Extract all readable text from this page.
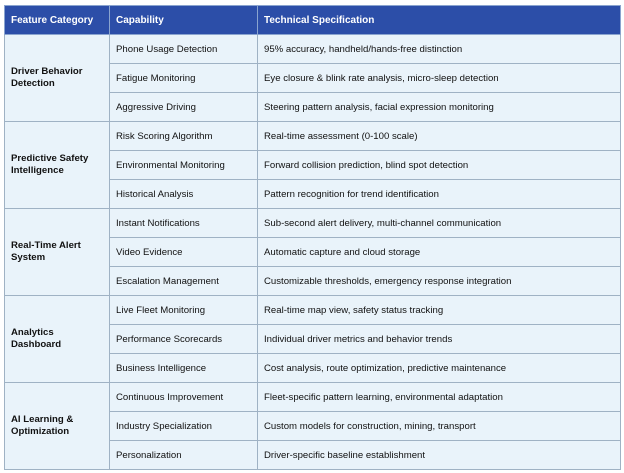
Feature Category	Capability	Technical Specification
Driver Behavior Detection	Phone Usage Detection	95% accuracy, handheld/hands-free distinction
	Fatigue Monitoring	Eye closure & blink rate analysis, micro-sleep detection
	Aggressive Driving	Steering pattern analysis, facial expression monitoring
Predictive Safety Intelligence	Risk Scoring Algorithm	Real-time assessment (0-100 scale)
	Environmental Monitoring	Forward collision prediction, blind spot detection
	Historical Analysis	Pattern recognition for trend identification
Real-Time Alert System	Instant Notifications	Sub-second alert delivery, multi-channel communication
	Video Evidence	Automatic capture and cloud storage
	Escalation Management	Customizable thresholds, emergency response integration
Analytics Dashboard	Live Fleet Monitoring	Real-time map view, safety status tracking
	Performance Scorecards	Individual driver metrics and behavior trends
	Business Intelligence	Cost analysis, route optimization, predictive maintenance
AI Learning & Optimization	Continuous Improvement	Fleet-specific pattern learning, environmental adaptation
	Industry Specialization	Custom models for construction, mining, transport
	Personalization	Driver-specific baseline establishment
